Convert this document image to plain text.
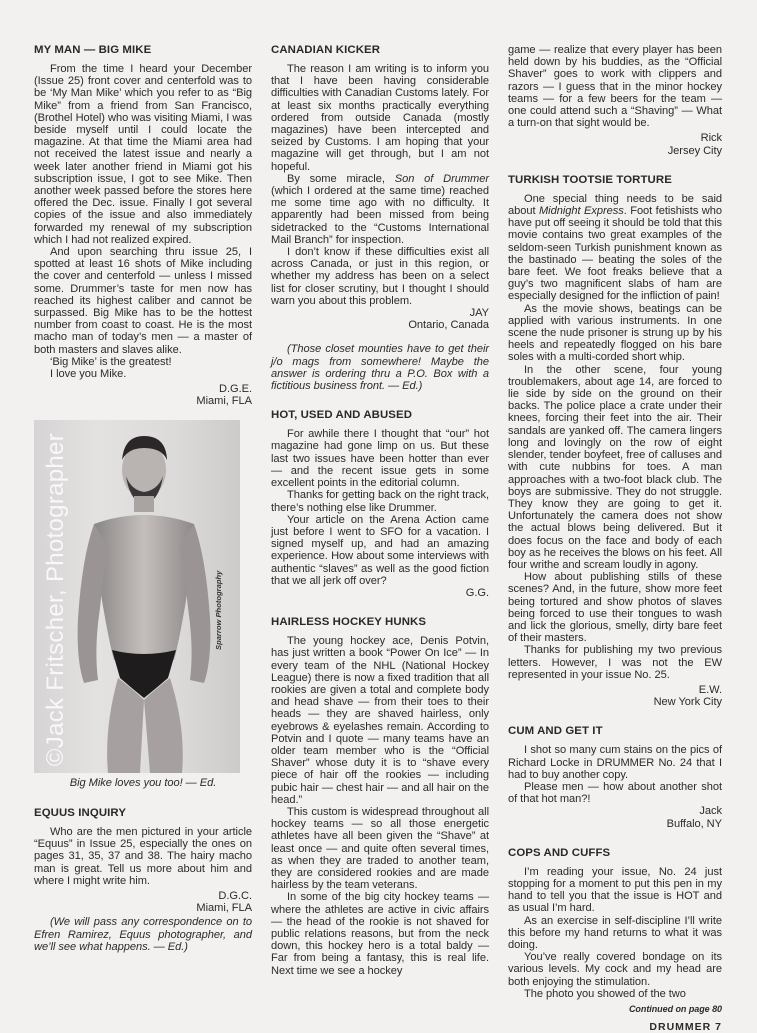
MY MAN — BIG MIKE

From the time I heard your December (Issue 25) front cover and centerfold was to be ‘My Man Mike’ which you refer to as “Big Mike” from a friend from San Francisco, (Brothel Hotel) who was visiting Miami, I was beside myself until I could locate the magazine. At that time the Miami area had not received the latest issue and nearly a week later another friend in Miami got his subscription issue, I got to see Mike. Then another week passed before the stores here offered the Dec. issue. Finally I got several copies of the issue and also immediately forwarded my renewal of my subscription which I had not realized expired.

And upon searching thru issue 25, I spotted at least 16 shots of Mike including the cover and centerfold — unless I missed some. Drummer’s taste for men now has reached its highest caliber and cannot be surpassed. Big Mike has to be the hottest number from coast to coast. He is the most macho man of today’s men — a master of both masters and slaves alike.

‘Big Mike’ is the greatest!

I love you Mike.

D.G.E.
Miami, FLA
©Jack Fritscher, Photographer
Big Mike loves you too! — Ed.
EQUUS INQUIRY

Who are the men pictured in your article “Equus” in Issue 25, especially the ones on pages 31, 35, 37 and 38. The hairy macho man is great. Tell us more about him and where I might write him.

D.G.C.
Miami, FLA

(We will pass any correspondence on to Efren Ramirez, Equus photographer, and we’ll see what happens. — Ed.)

Sparrow Photography
CANADIAN KICKER

The reason I am writing is to inform you that I have been having considerable difficulties with Canadian Customs lately. For at least six months practically everything ordered from outside Canada (mostly magazines) have been intercepted and seized by Customs. I am hoping that your magazine will get through, but I am not hopeful.

By some miracle, Son of Drummer (which I ordered at the same time) reached me some time ago with no difficulty. It apparently had been missed from being sidetracked to the “Customs International Mail Branch” for inspection.

I don’t know if these difficulties exist all across Canada, or just in this region, or whether my address has been on a select list for closer scrutiny, but I thought I should warn you about this problem.

JAY
Ontario, Canada

(Those closet mounties have to get their j/o mags from somewhere! Maybe the answer is ordering thru a P.O. Box with a fictitious business front. — Ed.)

HOT, USED AND ABUSED

For awhile there I thought that “our” hot magazine had gone limp on us. But these last two issues have been hotter than ever — and the recent issue gets in some excellent points in the editorial column.

Thanks for getting back on the right track, there’s nothing else like Drummer.

Your article on the Arena Action came just before I went to SFO for a vacation. I signed myself up, and had an amazing experience. How about some interviews with authentic “slaves” as well as the good fiction that we all jerk off over?

G.G.
HAIRLESS HOCKEY HUNKS

The young hockey ace, Denis Potvin, has just written a book “Power On Ice” — In every team of the NHL (National Hockey League) there is now a fixed tradition that all rookies are given a total and complete body and head shave — from their toes to their heads — they are shaved hairless, only eyebrows & eyelashes remain. According to Potvin and I quote — many teams have an older team member who is the “Official Shaver” whose duty it is to “shave every piece of hair off the rookies — including pubic hair — chest hair — and all hair on the head.”

This custom is widespread throughout all hockey teams — so all those energetic athletes have all been given the “Shave” at least once — and quite often several times, as when they are traded to another team, they are considered rookies and are made hairless by the team veterans.

In some of the big city hockey teams — where the athletes are active in civic affairs — the head of the rookie is not shaved for public relations reasons, but from the neck down, this hockey hero is a total baldy — Far from being a fantasy, this is real life. Next time we see a hockey

game — realize that every player has been held down by his buddies, as the “Official Shaver” goes to work with clippers and razors — I guess that in the minor hockey teams — for a few beers for the team — one could attend such a “Shaving” — What a turn-on that sight would be.

Rick
Jersey City
TURKISH TOOTSIE TORTURE

One special thing needs to be said about Midnight Express. Foot fetishists who have put off seeing it should be told that this movie contains two great examples of the seldom-seen Turkish punishment known as the bastinado — beating the soles of the bare feet. We foot freaks believe that a guy’s two magnificent slabs of ham are especially designed for the infliction of pain!

As the movie shows, beatings can be applied with various instruments. In one scene the nude prisoner is strung up by his heels and repeatedly flogged on his bare soles with a multi-corded short whip.

In the other scene, four young troublemakers, about age 14, are forced to lie side by side on the ground on their backs. The police place a crate under their knees, forcing their feet into the air. Their sandals are yanked off. The camera lingers long and lovingly on the row of eight slender, tender boyfeet, free of calluses and with cute nubbins for toes. A man approaches with a two-foot black club. The boys are submissive. They do not struggle. They know they are going to get it. Unfortunately the camera does not show the actual blows being delivered. But it does focus on the face and body of each boy as he receives the blows on his feet. All four writhe and scream loudly in agony.

How about publishing stills of these scenes? And, in the future, show more feet being tortured and show photos of slaves being forced to use their tongues to wash and lick the glorious, smelly, dirty bare feet of their masters.

Thanks for publishing my two previous letters. However, I was not the EW represented in your issue No. 25.

E.W.
New York City
CUM AND GET IT

I shot so many cum stains on the pics of Richard Locke in DRUMMER No. 24 that I had to buy another copy.

Please men — how about another shot of that hot man?!

Jack
Buffalo, NY
COPS AND CUFFS

I’m reading your issue, No. 24 just stopping for a moment to put this pen in my hand to tell you that the issue is HOT and as usual I’m hard.

As an exercise in self-discipline I’ll write this before my hand returns to what it was doing.

You’ve really covered bondage on its various levels. My cock and my head are both enjoying the stimulation.

The photo you showed of the two

Continued on page 80

DRUMMER 7
